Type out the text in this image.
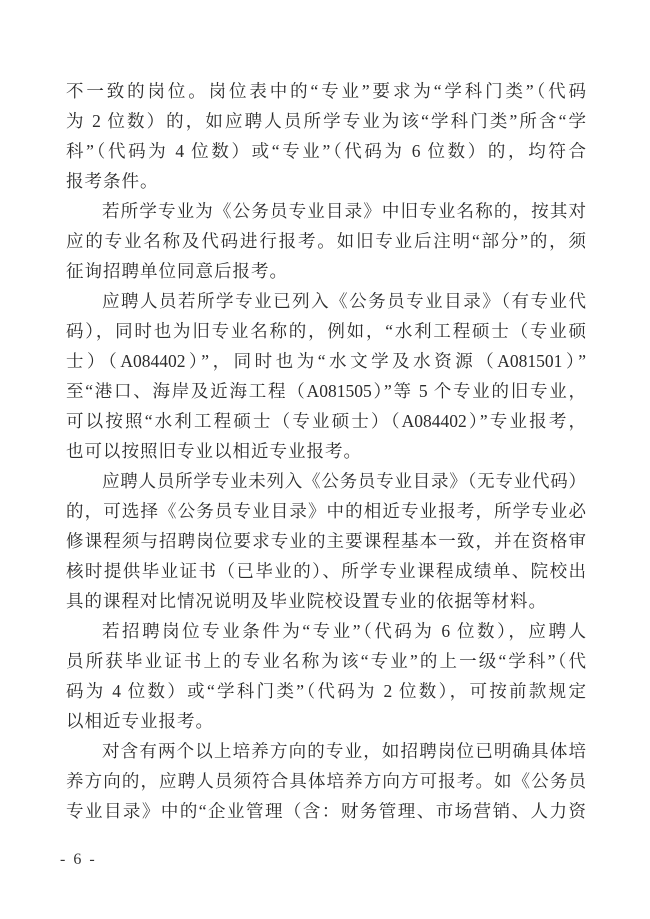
不一致的岗位。岗位表中的“专业”要求为“学科门类”（代码
为 2 位数）的，如应聘人员所学专业为该“学科门类”所含“学
科”（代码为 4 位数）或“专业”（代码为 6 位数）的，均符合
报考条件。
若所学专业为《公务员专业目录》中旧专业名称的，按其对
应的专业名称及代码进行报考。如旧专业后注明“部分”的，须
征询招聘单位同意后报考。
应聘人员若所学专业已列入《公务员专业目录》（有专业代
码），同时也为旧专业名称的，例如，“水利工程硕士（专业硕
士）（A084402）”，同时也为“水文学及水资源（A081501）”
至“港口、海岸及近海工程（A081505）”等 5 个专业的旧专业，
可以按照“水利工程硕士（专业硕士）（A084402）”专业报考，
也可以按照旧专业以相近专业报考。
应聘人员所学专业未列入《公务员专业目录》（无专业代码）
的，可选择《公务员专业目录》中的相近专业报考，所学专业必
修课程须与招聘岗位要求专业的主要课程基本一致，并在资格审
核时提供毕业证书（已毕业的）、所学专业课程成绩单、院校出
具的课程对比情况说明及毕业院校设置专业的依据等材料。
若招聘岗位专业条件为“专业”（代码为 6 位数），应聘人
员所获毕业证书上的专业名称为该“专业”的上一级“学科”（代
码为 4 位数）或“学科门类”（代码为 2 位数），可按前款规定
以相近专业报考。
对含有两个以上培养方向的专业，如招聘岗位已明确具体培
养方向的，应聘人员须符合具体培养方向方可报考。如《公务员
专业目录》中的“企业管理（含：财务管理、市场营销、人力资
- 6 -
